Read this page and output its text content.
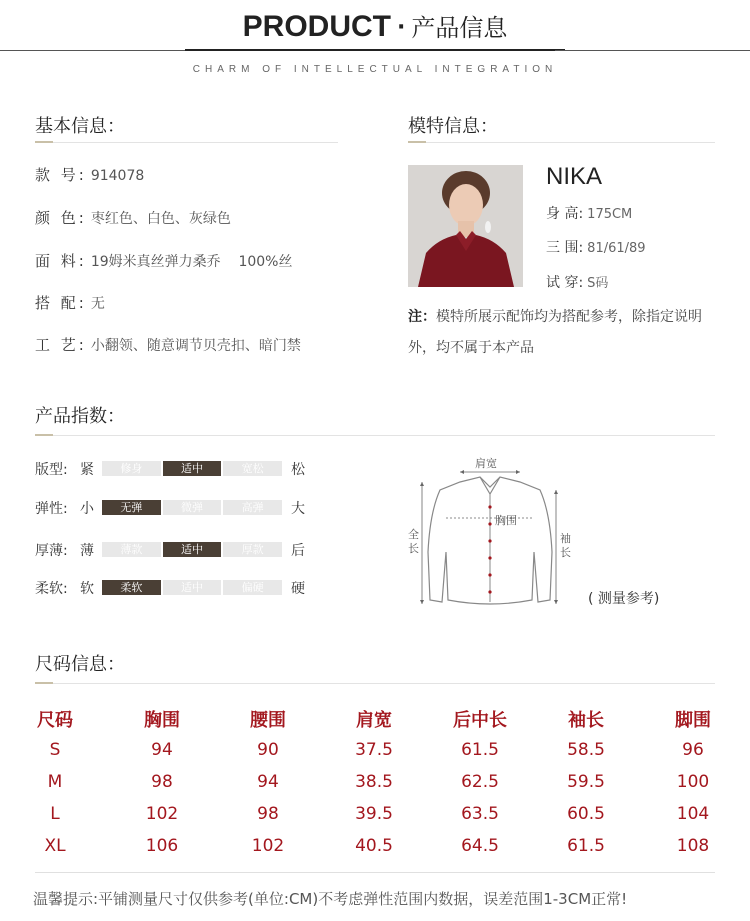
PRODUCT · 产品信息
CHARM OF INTELLECTUAL INTEGRATION
基本信息：
款 号: 914078
颜 色: 枣红色、白色、灰绿色
面 料: 19姆米真丝弹力桑乔    100%丝
搭 配: 无
工 艺: 小翻领、随意调节贝壳扣、暗门禁
模特信息：
NIKA
身 高: 175CM
三 围: 81/61/89
试 穿: S码
注：模特所展示配饰均为搭配参考，除指定说明外，均不属于本产品
产品指数：
版型: 紧	修身	适中	宽松	松
弹性: 小	无弹	微弹	高弹	大
厚薄: 薄	薄款	适中	厚款	后
柔软: 软	柔软	适中	偏硬	硬
肩宽
胸围
全长
袖长
( 测量参考)
尺码信息：
尺码	胸围	腰围	肩宽	后中长	袖长	脚围
S	94	90	37.5	61.5	58.5	96
M	98	94	38.5	62.5	59.5	100
L	102	98	39.5	63.5	60.5	104
XL	106	102	40.5	64.5	61.5	108
温馨提示:平铺测量尺寸仅供参考(单位:CM)不考虑弹性范围内数据，误差范围1-3CM正常!
